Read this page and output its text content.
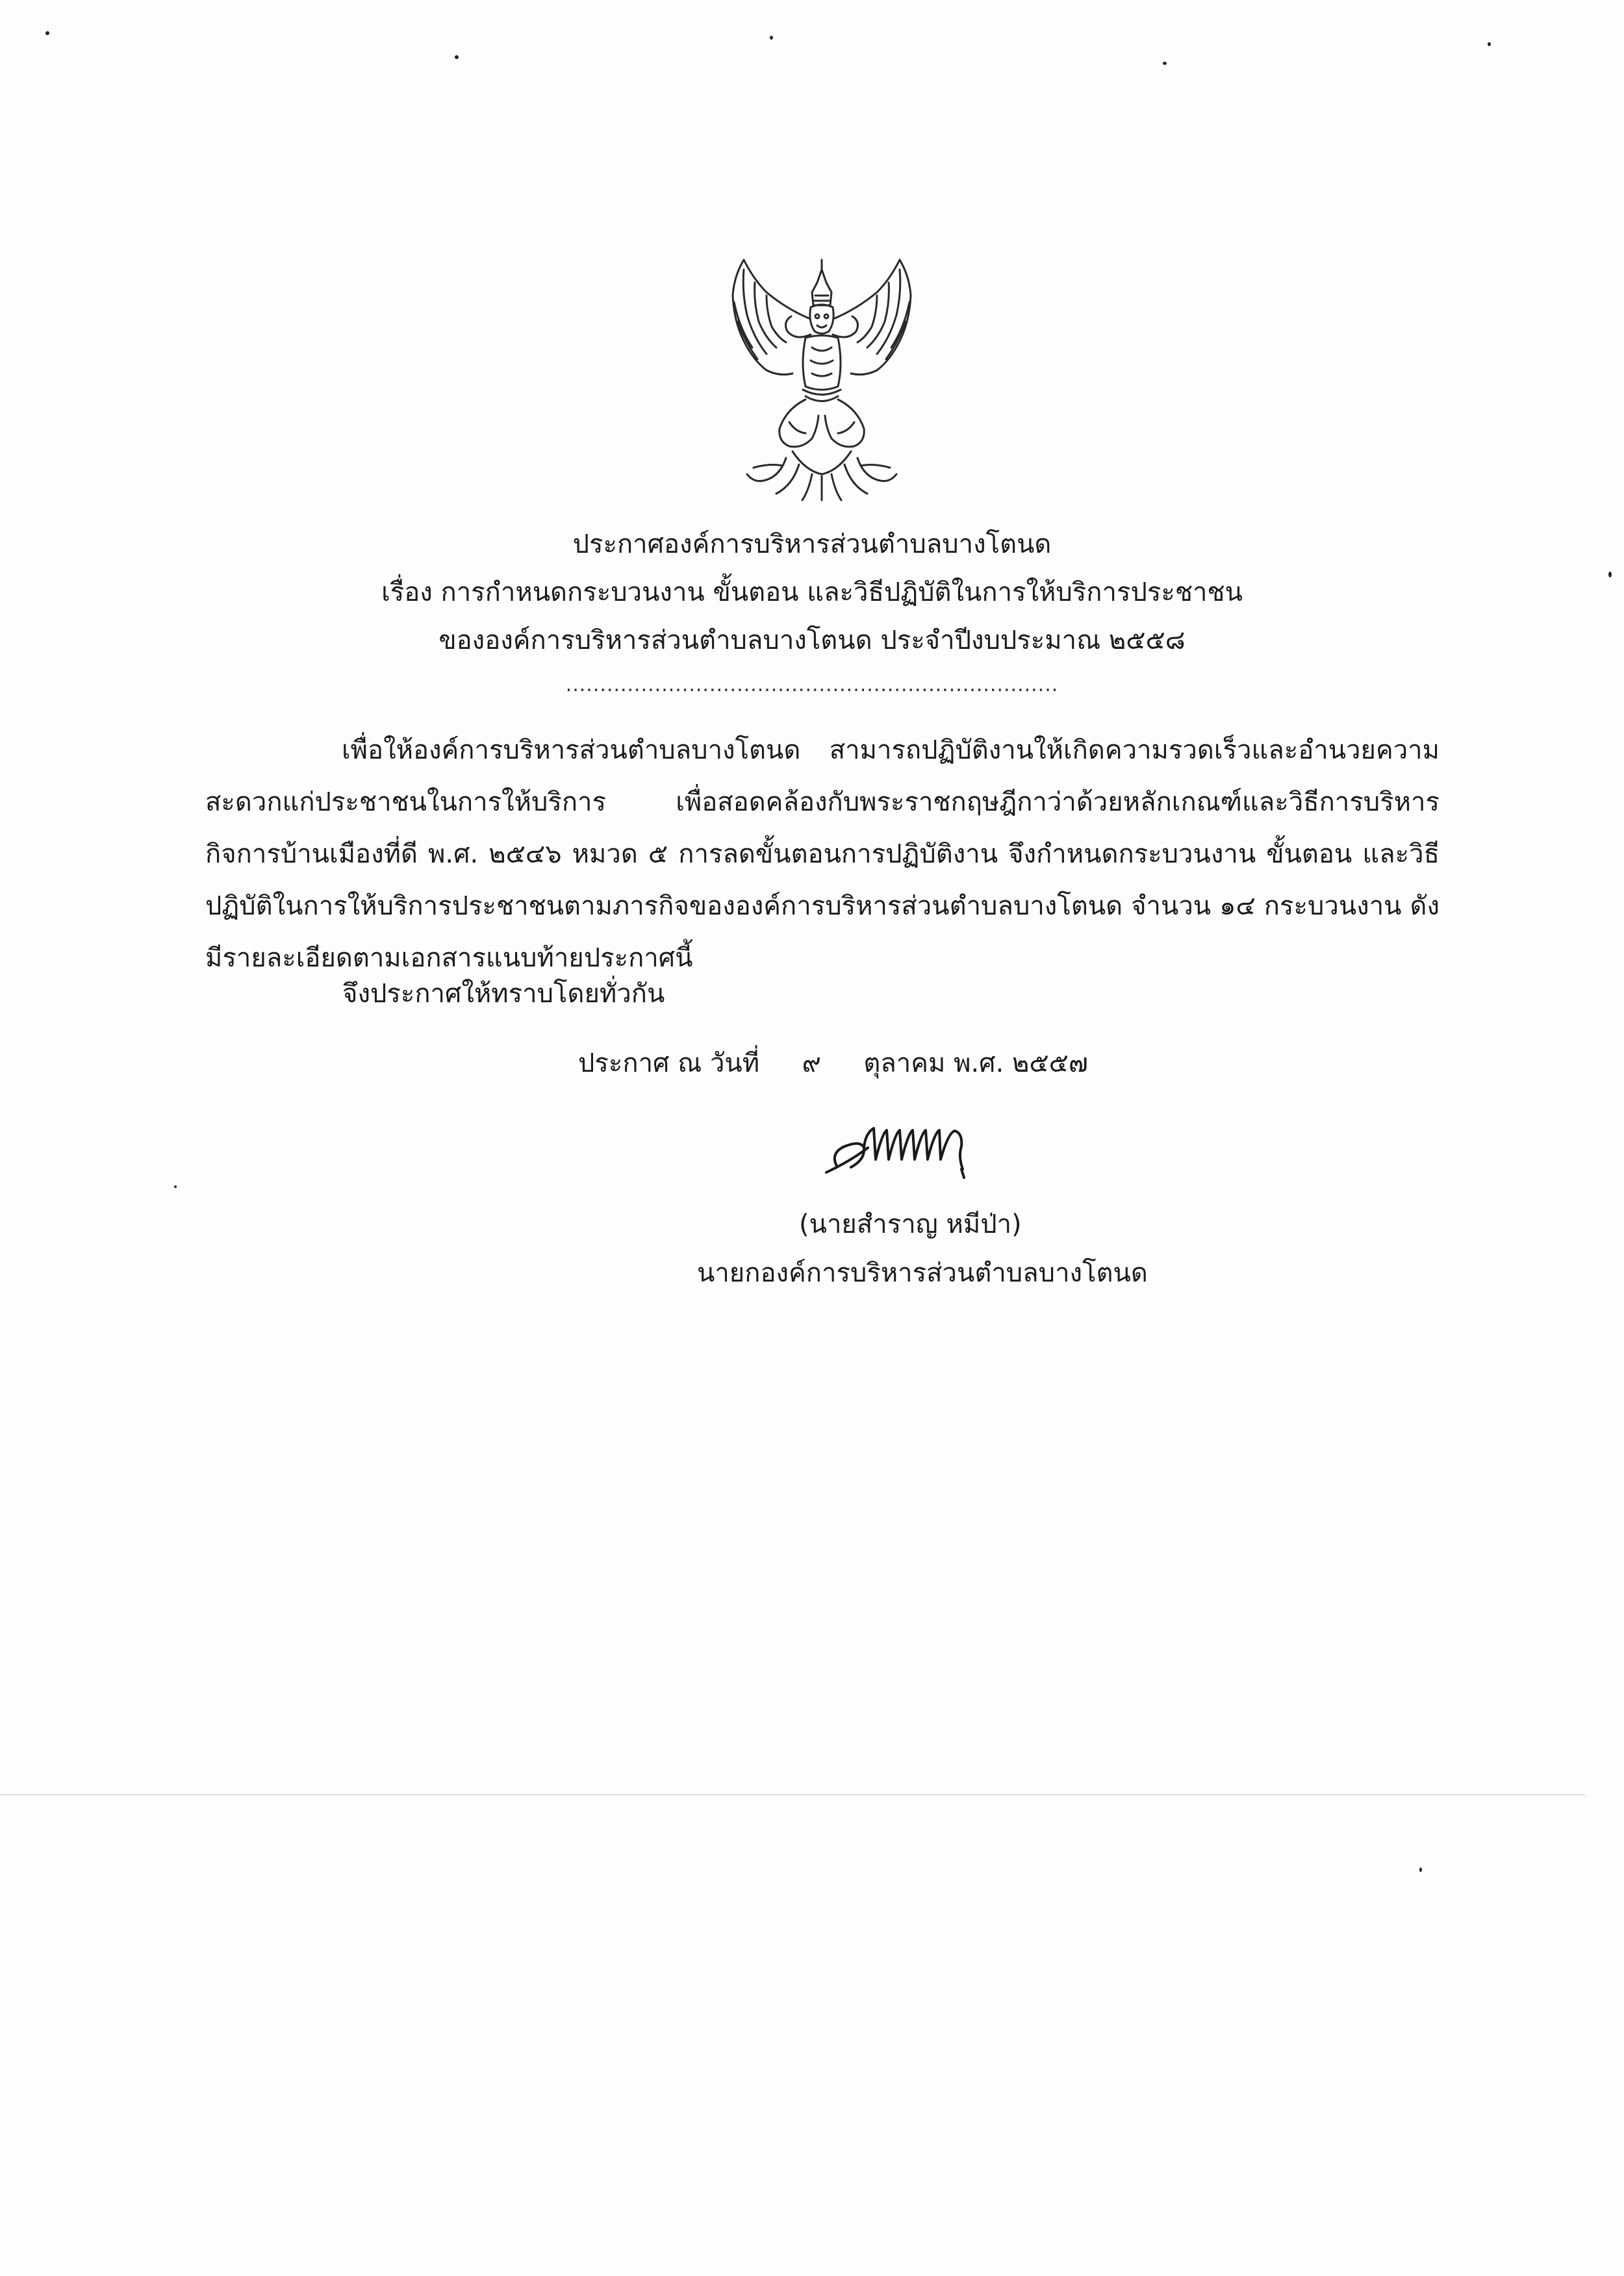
ประกาศองค์การบริหารส่วนตำบลบางโตนด
เรื่อง การกำหนดกระบวนงาน ขั้นตอน และวิธีปฏิบัติในการให้บริการประชาชน
ขององค์การบริหารส่วนตำบลบางโตนด ประจำปีงบประมาณ ๒๕๕๘
........................................................................
เพื่อให้องค์การบริหารส่วนตำบลบางโตนด สามารถปฏิบัติงานให้เกิดความรวดเร็วและอำนวยความสะดวกแก่ประชาชนในการให้บริการ เพื่อสอดคล้องกับพระราชกฤษฎีกาว่าด้วยหลักเกณฑ์และวิธีการบริหารกิจการบ้านเมืองที่ดี พ.ศ. ๒๕๔๖ หมวด ๕ การลดขั้นตอนการปฏิบัติงาน จึงกำหนดกระบวนงาน ขั้นตอน และวิธีปฏิบัติในการให้บริการประชาชนตามภารกิจขององค์การบริหารส่วนตำบลบางโตนด จำนวน ๑๔ กระบวนงาน ดังมีรายละเอียดตามเอกสารแนบท้ายประกาศนี้
จึงประกาศให้ทราบโดยทั่วกัน
ประกาศ ณ วันที่ ๙ ตุลาคม พ.ศ. ๒๕๕๗
(นายสำราญ หมีป่า)
นายกองค์การบริหารส่วนตำบลบางโตนด
